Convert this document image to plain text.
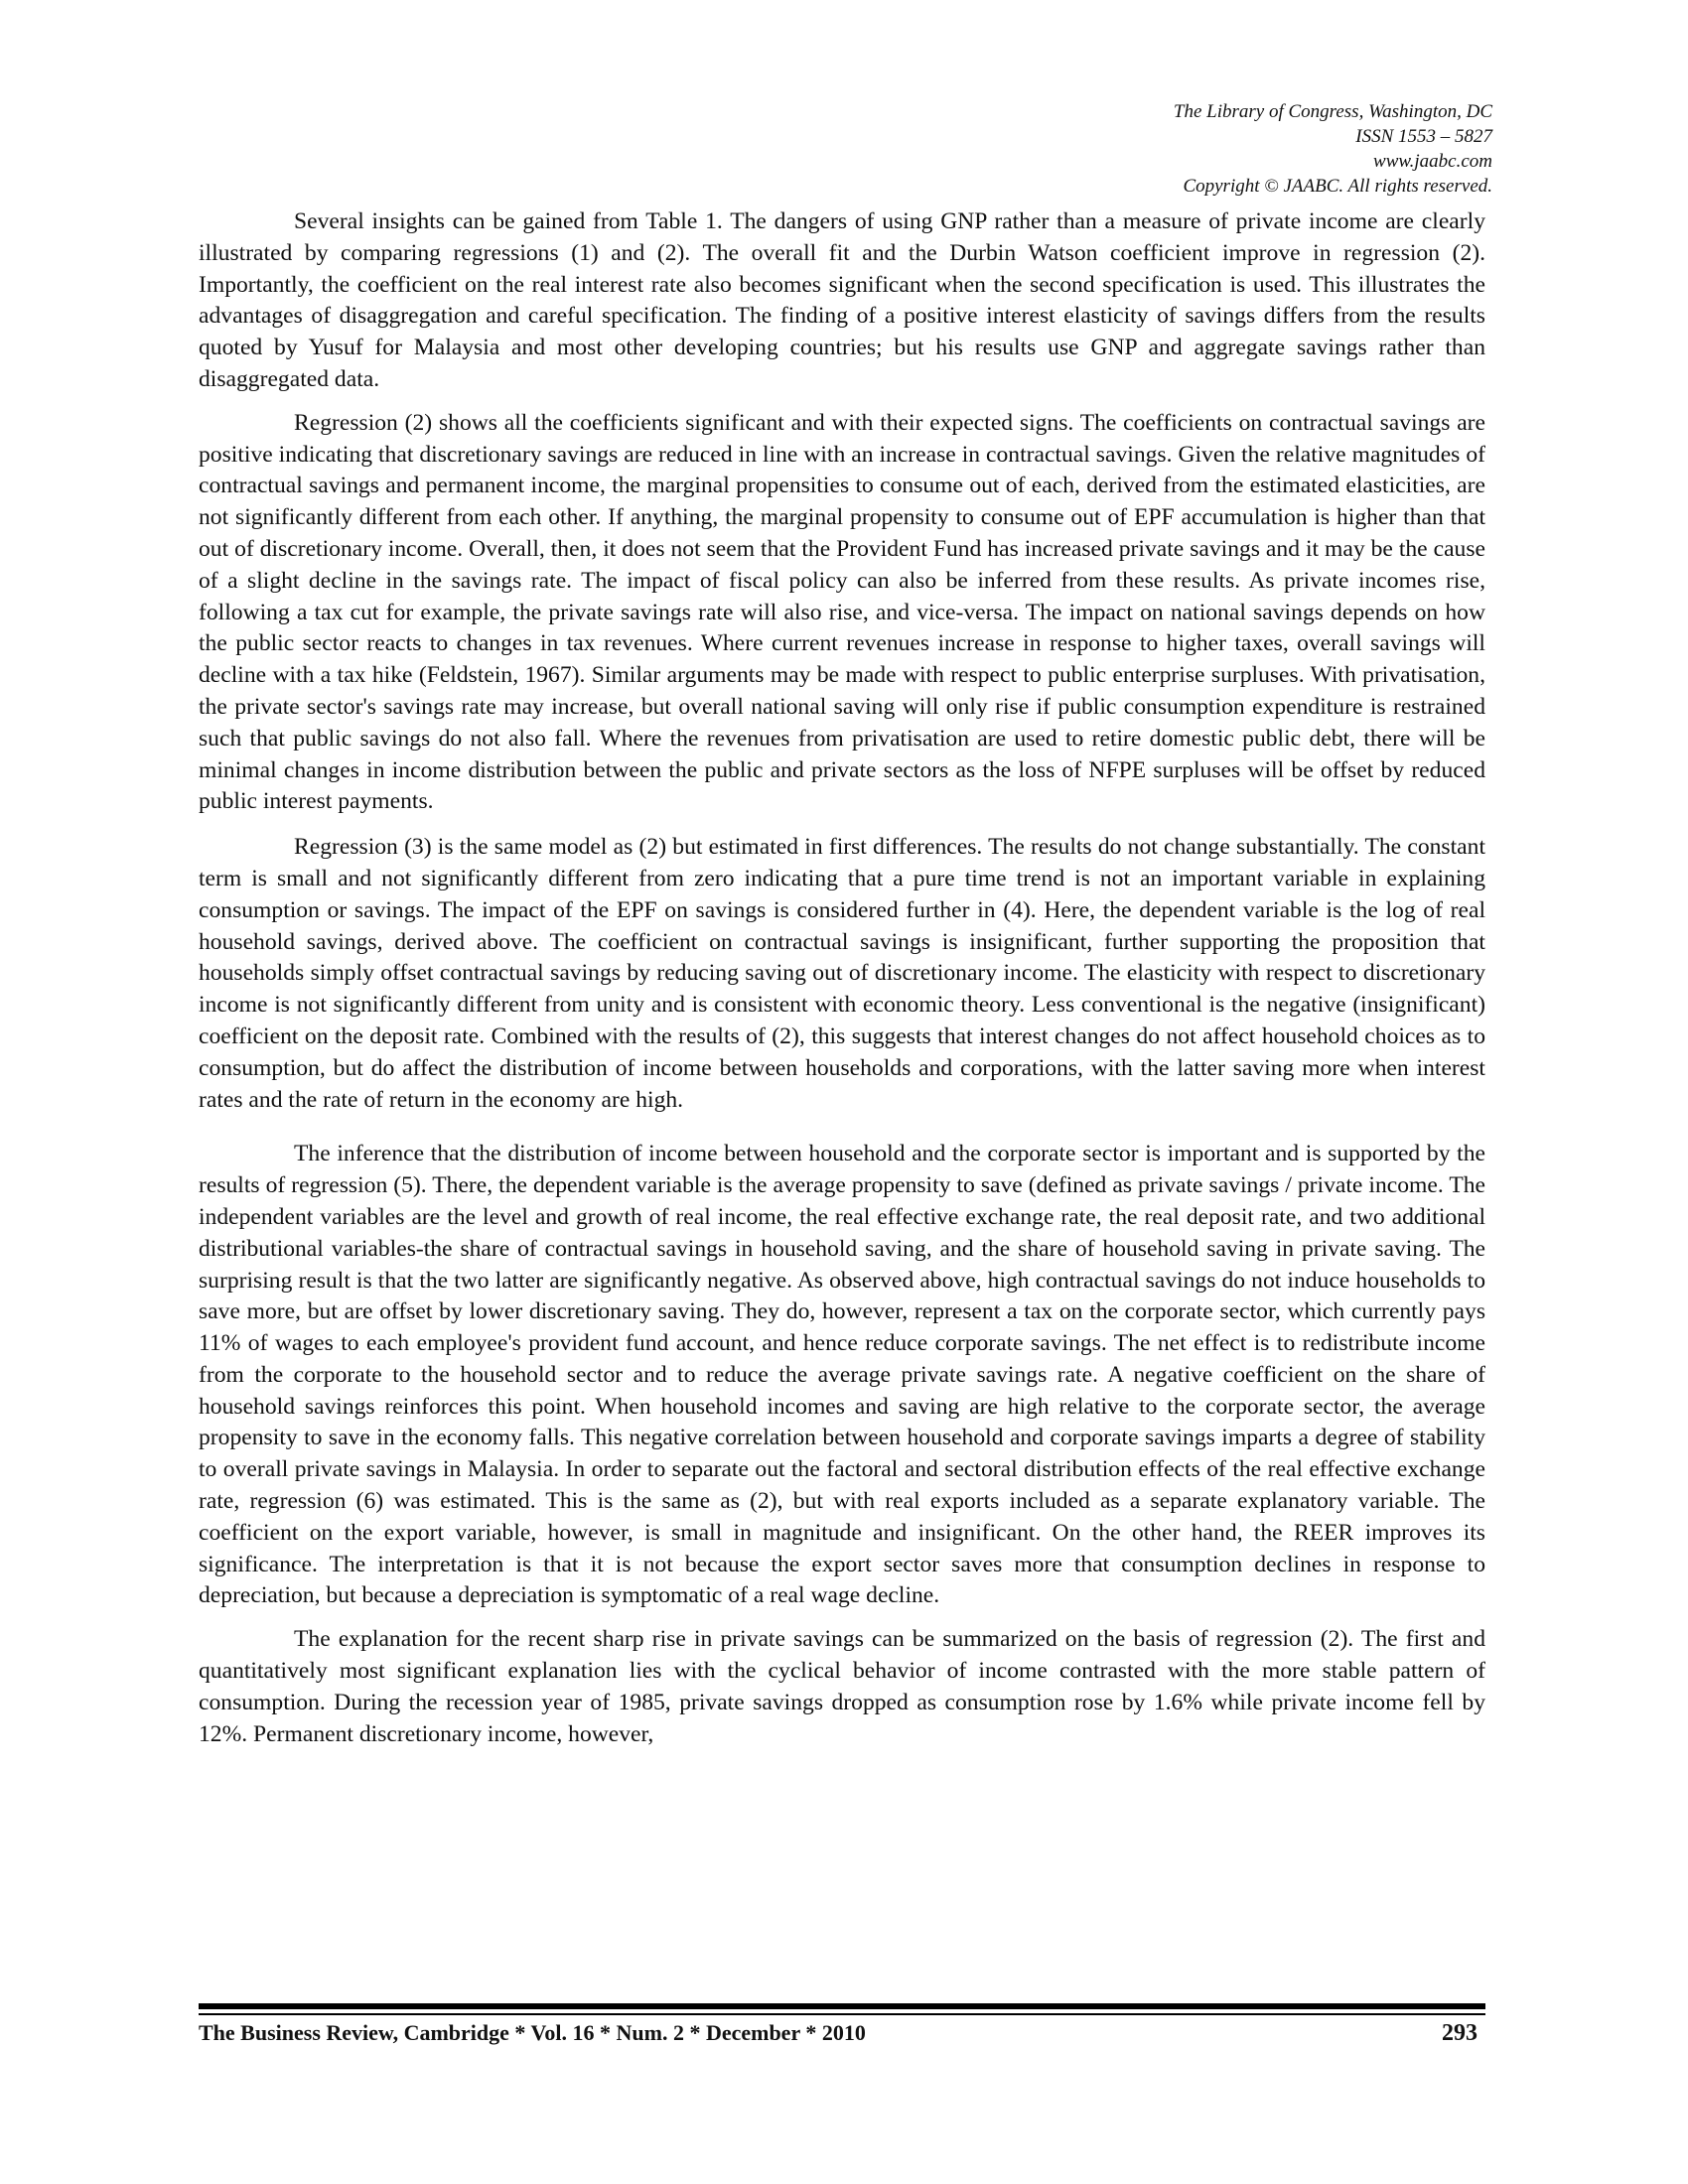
The Library of Congress, Washington, DC
ISSN 1553 – 5827
www.jaabc.com
Copyright © JAABC. All rights reserved.

Several insights can be gained from Table 1. The dangers of using GNP rather than a measure of private income are clearly illustrated by comparing regressions (1) and (2). The overall fit and the Durbin Watson coefficient improve in regression (2). Importantly, the coefficient on the real interest rate also becomes significant when the second specification is used. This illustrates the advantages of disaggregation and careful specification. The finding of a positive interest elasticity of savings differs from the results quoted by Yusuf for Malaysia and most other developing countries; but his results use GNP and aggregate savings rather than disaggregated data.

Regression (2) shows all the coefficients significant and with their expected signs. The coefficients on contractual savings are positive indicating that discretionary savings are reduced in line with an increase in contractual savings. Given the relative magnitudes of contractual savings and permanent income, the marginal propensities to consume out of each, derived from the estimated elasticities, are not significantly different from each other. If anything, the marginal propensity to consume out of EPF accumulation is higher than that out of discretionary income. Overall, then, it does not seem that the Provident Fund has increased private savings and it may be the cause of a slight decline in the savings rate. The impact of fiscal policy can also be inferred from these results. As private incomes rise, following a tax cut for example, the private savings rate will also rise, and vice-versa. The impact on national savings depends on how the public sector reacts to changes in tax revenues. Where current revenues increase in response to higher taxes, overall savings will decline with a tax hike (Feldstein, 1967). Similar arguments may be made with respect to public enterprise surpluses. With privatisation, the private sector's savings rate may increase, but overall national saving will only rise if public consumption expenditure is restrained such that public savings do not also fall. Where the revenues from privatisation are used to retire domestic public debt, there will be minimal changes in income distribution between the public and private sectors as the loss of NFPE surpluses will be offset by reduced public interest payments.

Regression (3) is the same model as (2) but estimated in first differences. The results do not change substantially. The constant term is small and not significantly different from zero indicating that a pure time trend is not an important variable in explaining consumption or savings. The impact of the EPF on savings is considered further in (4). Here, the dependent variable is the log of real household savings, derived above. The coefficient on contractual savings is insignificant, further supporting the proposition that households simply offset contractual savings by reducing saving out of discretionary income. The elasticity with respect to discretionary income is not significantly different from unity and is consistent with economic theory. Less conventional is the negative (insignificant) coefficient on the deposit rate. Combined with the results of (2), this suggests that interest changes do not affect household choices as to consumption, but do affect the distribution of income between households and corporations, with the latter saving more when interest rates and the rate of return in the economy are high.

The inference that the distribution of income between household and the corporate sector is important and is supported by the results of regression (5). There, the dependent variable is the average propensity to save (defined as private savings / private income. The independent variables are the level and growth of real income, the real effective exchange rate, the real deposit rate, and two additional distributional variables-the share of contractual savings in household saving, and the share of household saving in private saving. The surprising result is that the two latter are significantly negative. As observed above, high contractual savings do not induce households to save more, but are offset by lower discretionary saving. They do, however, represent a tax on the corporate sector, which currently pays 11% of wages to each employee's provident fund account, and hence reduce corporate savings. The net effect is to redistribute income from the corporate to the household sector and to reduce the average private savings rate. A negative coefficient on the share of household savings reinforces this point. When household incomes and saving are high relative to the corporate sector, the average propensity to save in the economy falls. This negative correlation between household and corporate savings imparts a degree of stability to overall private savings in Malaysia. In order to separate out the factoral and sectoral distribution effects of the real effective exchange rate, regression (6) was estimated. This is the same as (2), but with real exports included as a separate explanatory variable. The coefficient on the export variable, however, is small in magnitude and insignificant. On the other hand, the REER improves its significance. The interpretation is that it is not because the export sector saves more that consumption declines in response to depreciation, but because a depreciation is symptomatic of a real wage decline.

The explanation for the recent sharp rise in private savings can be summarized on the basis of regression (2). The first and quantitatively most significant explanation lies with the cyclical behavior of income contrasted with the more stable pattern of consumption. During the recession year of 1985, private savings dropped as consumption rose by 1.6% while private income fell by 12%. Permanent discretionary income, however,

The Business Review, Cambridge * Vol. 16 * Num. 2 * December * 2010	293
